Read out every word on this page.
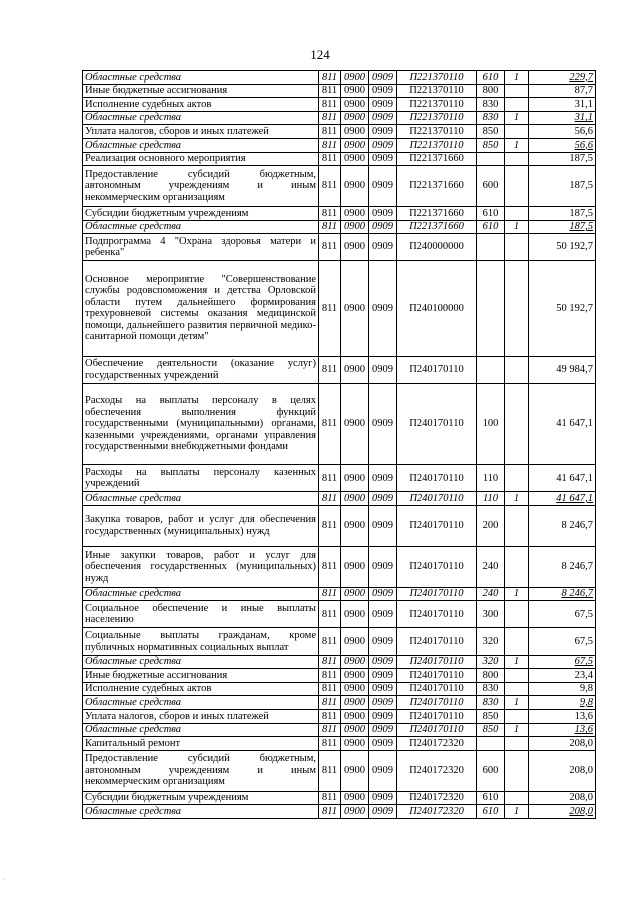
124
Областные средства	811	0900	0909	П221370110	610	1	229,7
Иные бюджетные ассигнования	811	0900	0909	П221370110	800		87,7
Исполнение судебных актов	811	0900	0909	П221370110	830		31,1
Областные средства	811	0900	0909	П221370110	830	1	31,1
Уплата налогов, сборов и иных платежей	811	0900	0909	П221370110	850		56,6
Областные средства	811	0900	0909	П221370110	850	1	56,6
Реализация основного мероприятия	811	0900	0909	П221371660			187,5
Предоставление субсидий бюджетным, автономным учреждениям и иным некоммерческим организациям	811	0900	0909	П221371660	600		187,5
Субсидии бюджетным учреждениям	811	0900	0909	П221371660	610		187,5
Областные средства	811	0900	0909	П221371660	610	1	187,5
Подпрограмма 4 "Охрана здоровья матери и ребенка"	811	0900	0909	П240000000			50 192,7
Основное мероприятие "Совершенствование службы родовспоможения и детства Орловской области путем дальнейшего формирования трехуровневой системы оказания медицинской помощи, дальнейшего развития первичной медико-санитарной помощи детям"	811	0900	0909	П240100000			50 192,7
Обеспечение деятельности (оказание услуг) государственных учреждений	811	0900	0909	П240170110			49 984,7
Расходы на выплаты персоналу в целях обеспечения выполнения функций государственными (муниципальными) органами, казенными учреждениями, органами управления государственными внебюджетными фондами	811	0900	0909	П240170110	100		41 647,1
Расходы на выплаты персоналу казенных учреждений	811	0900	0909	П240170110	110		41 647,1
Областные средства	811	0900	0909	П240170110	110	1	41 647,1
Закупка товаров, работ и услуг для обеспечения государственных (муниципальных) нужд	811	0900	0909	П240170110	200		8 246,7
Иные закупки товаров, работ и услуг для обеспечения государственных (муниципальных) нужд	811	0900	0909	П240170110	240		8 246,7
Областные средства	811	0900	0909	П240170110	240	1	8 246,7
Социальное обеспечение и иные выплаты населению	811	0900	0909	П240170110	300		67,5
Социальные выплаты гражданам, кроме публичных нормативных социальных выплат	811	0900	0909	П240170110	320		67,5
Областные средства	811	0900	0909	П240170110	320	1	67,5
Иные бюджетные ассигнования	811	0900	0909	П240170110	800		23,4
Исполнение судебных актов	811	0900	0909	П240170110	830		9,8
Областные средства	811	0900	0909	П240170110	830	1	9,8
Уплата налогов, сборов и иных платежей	811	0900	0909	П240170110	850		13,6
Областные средства	811	0900	0909	П240170110	850	1	13,6
Капитальный ремонт	811	0900	0909	П240172320			208,0
Предоставление субсидий бюджетным, автономным учреждениям и иным некоммерческим организациям	811	0900	0909	П240172320	600		208,0
Субсидии бюджетным учреждениям	811	0900	0909	П240172320	610		208,0
Областные средства	811	0900	0909	П240172320	610	1	208,0
·
